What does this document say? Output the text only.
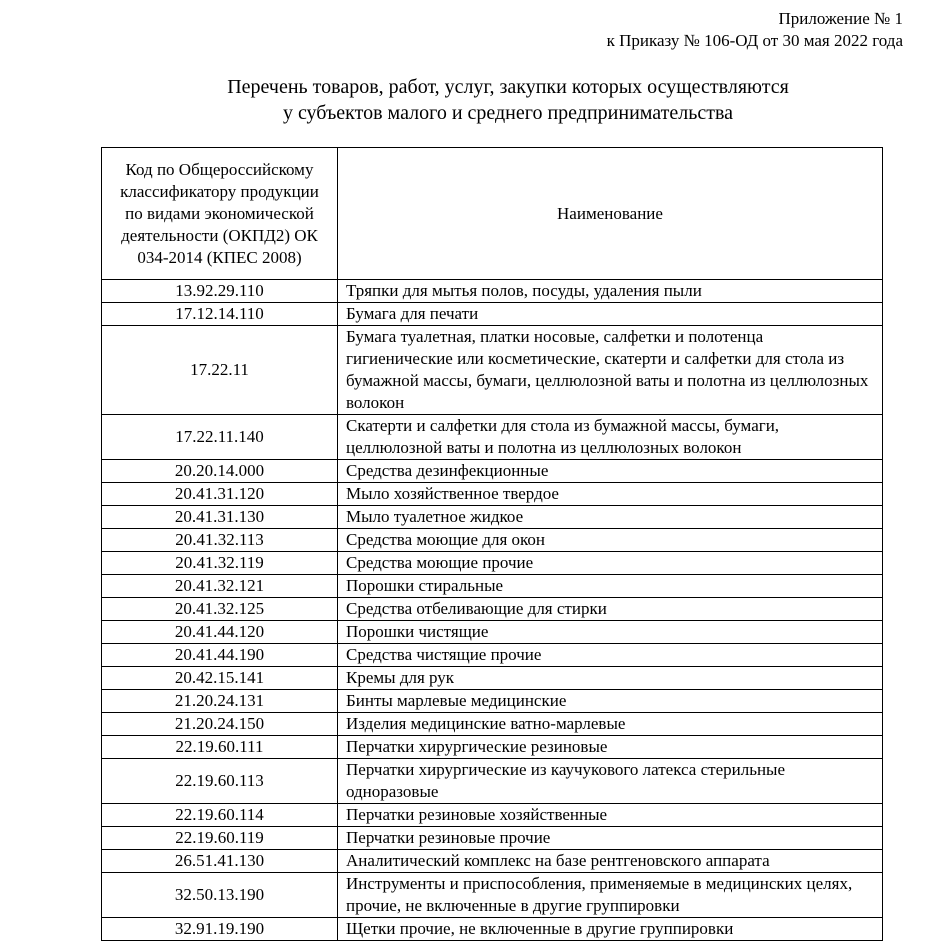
Приложение № 1
к Приказу № 106-ОД от 30 мая 2022 года
Перечень товаров, работ, услуг, закупки которых осуществляются
у субъектов малого и среднего предпринимательства
Код по Общероссийскому классификатору продукции по видами экономической деятельности (ОКПД2) ОК 034-2014 (КПЕС 2008)	Наименование
13.92.29.110	Тряпки для мытья полов, посуды, удаления пыли
17.12.14.110	Бумага для печати
17.22.11	Бумага туалетная, платки носовые, салфетки и полотенца гигиенические или косметические, скатерти и салфетки для стола из бумажной массы, бумаги, целлюлозной ваты и полотна из целлюлозных волокон
17.22.11.140	Скатерти и салфетки для стола из бумажной массы, бумаги, целлюлозной ваты и полотна из целлюлозных волокон
20.20.14.000	Средства дезинфекционные
20.41.31.120	Мыло хозяйственное твердое
20.41.31.130	Мыло туалетное жидкое
20.41.32.113	Средства моющие для окон
20.41.32.119	Средства моющие прочие
20.41.32.121	Порошки стиральные
20.41.32.125	Средства отбеливающие для стирки
20.41.44.120	Порошки чистящие
20.41.44.190	Средства чистящие прочие
20.42.15.141	Кремы для рук
21.20.24.131	Бинты марлевые медицинские
21.20.24.150	Изделия медицинские ватно-марлевые
22.19.60.111	Перчатки хирургические резиновые
22.19.60.113	Перчатки хирургические из каучукового латекса стерильные одноразовые
22.19.60.114	Перчатки резиновые хозяйственные
22.19.60.119	Перчатки резиновые прочие
26.51.41.130	Аналитический комплекс на базе рентгеновского аппарата
32.50.13.190	Инструменты и приспособления, применяемые в медицинских целях, прочие, не включенные в другие группировки
32.91.19.190	Щетки прочие, не включенные в другие группировки
